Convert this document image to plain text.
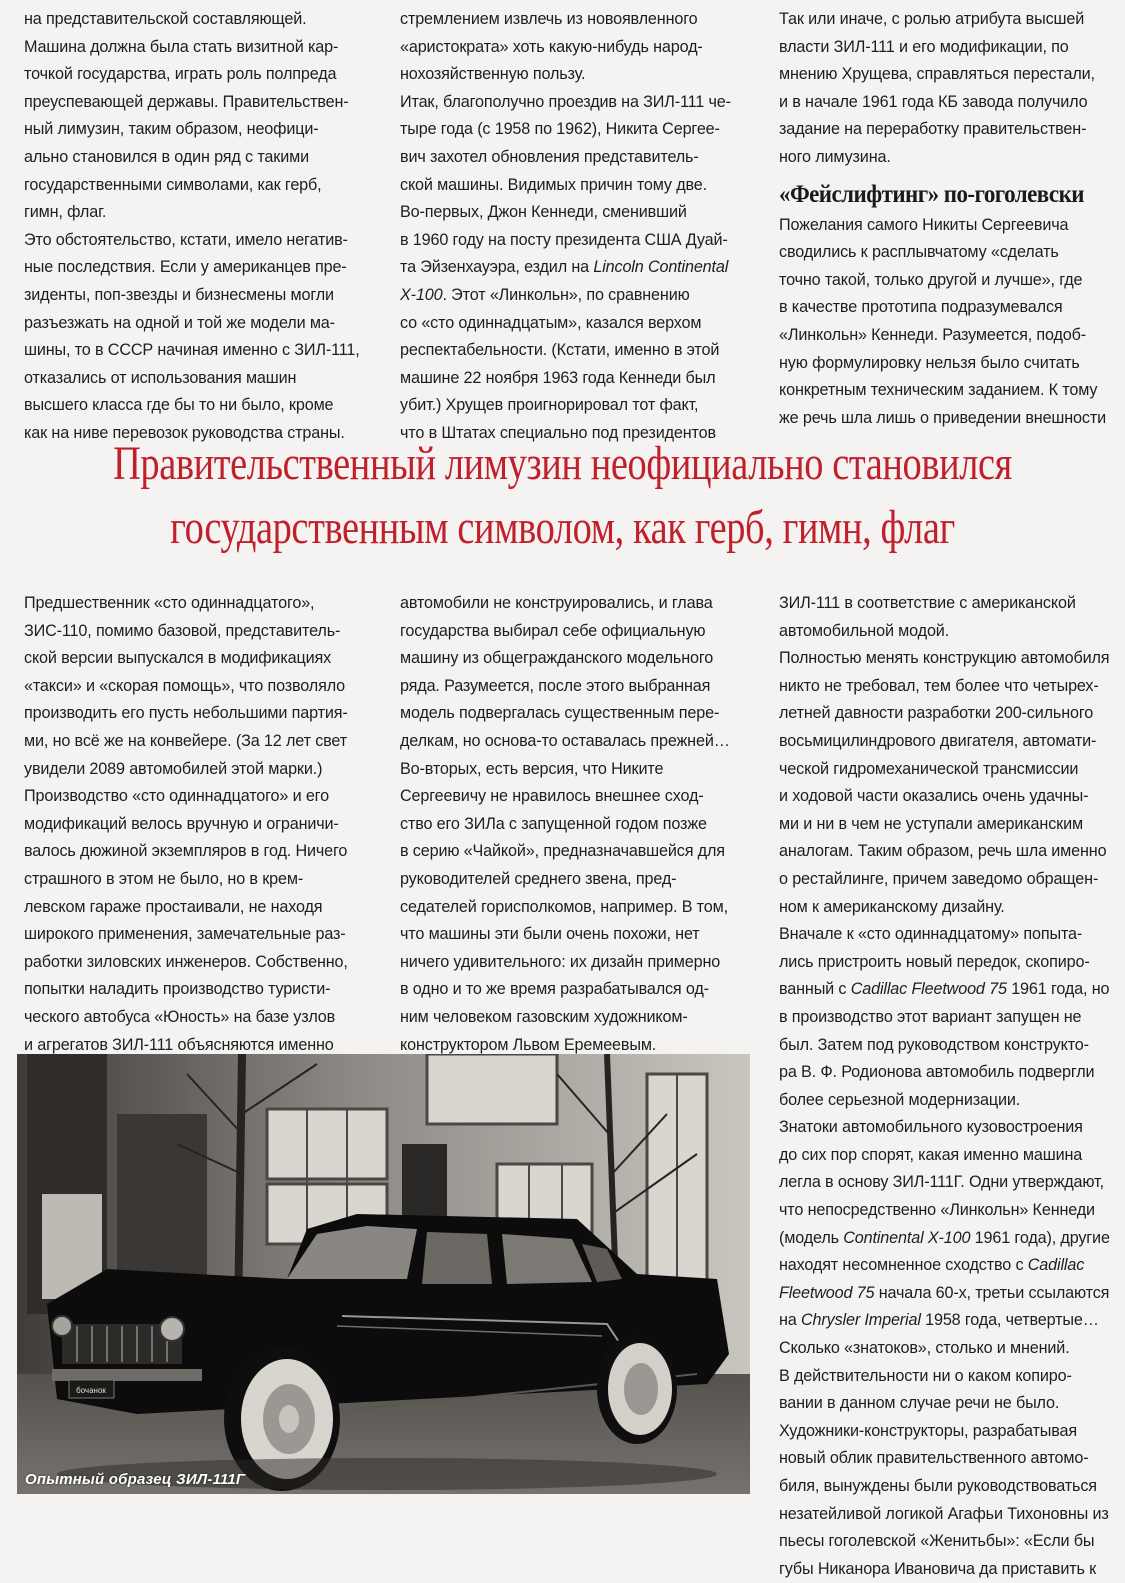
на представительской составляющей.
Машина должна была стать визитной кар-
точкой государства, играть роль полпреда
преуспевающей державы. Правительствен-
ный лимузин, таким образом, неофици-
ально становился в один ряд с такими
государственными символами, как герб,
гимн, флаг.
Это обстоятельство, кстати, имело негатив-
ные последствия. Если у американцев пре-
зиденты, поп-звезды и бизнесмены могли
разъезжать на одной и той же модели ма-
шины, то в СССР начиная именно с ЗИЛ-111,
отказались от использования машин
высшего класса где бы то ни было, кроме
как на ниве перевозок руководства страны.
стремлением извлечь из новоявленного
«аристократа» хоть какую-нибудь народ-
нохозяйственную пользу.
Итак, благополучно проездив на ЗИЛ-111 че-
тыре года (с 1958 по 1962), Никита Сергее-
вич захотел обновления представитель-
ской машины. Видимых причин тому две.
Во-первых, Джон Кеннеди, сменивший
в 1960 году на посту президента США Дуай-
та Эйзенхауэра, ездил на Lincoln Continental
X-100. Этот «Линкольн», по сравнению
со «сто одиннадцатым», казался верхом
респектабельности. (Кстати, именно в этой
машине 22 ноября 1963 года Кеннеди был
убит.) Хрущев проигнорировал тот факт,
что в Штатах специально под президентов
Так или иначе, с ролью атрибута высшей
власти ЗИЛ-111 и его модификации, по
мнению Хрущева, справляться перестали,
и в начале 1961 года КБ завода получило
задание на переработку правительствен-
ного лимузина.
«Фейслифтинг» по-гоголевски
Пожелания самого Никиты Сергеевича
сводились к расплывчатому «сделать
точно такой, только другой и лучше», где
в качестве прототипа подразумевался
«Линкольн» Кеннеди. Разумеется, подоб-
ную формулировку нельзя было считать
конкретным техническим заданием. К тому
же речь шла лишь о приведении внешности
Правительственный лимузин неофициально становился
государственным символом, как герб, гимн, флаг
Предшественник «сто одиннадцатого»,
ЗИС-110, помимо базовой, представитель-
ской версии выпускался в модификациях
«такси» и «скорая помощь», что позволяло
производить его пусть небольшими партия-
ми, но всё же на конвейере. (За 12 лет свет
увидели 2089 автомобилей этой марки.)
Производство «сто одиннадцатого» и его
модификаций велось вручную и ограничи-
валось дюжиной экземпляров в год. Ничего
страшного в этом не было, но в крем-
левском гараже простаивали, не находя
широкого применения, замечательные раз-
работки зиловских инженеров. Собственно,
попытки наладить производство туристи-
ческого автобуса «Юность» на базе узлов
и агрегатов ЗИЛ-111 объясняются именно
автомобили не конструировались, и глава
государства выбирал себе официальную
машину из общегражданского модельного
ряда. Разумеется, после этого выбранная
модель подвергалась существенным пере-
делкам, но основа-то оставалась прежней…
Во-вторых, есть версия, что Никите
Сергеевичу не нравилось внешнее сход-
ство его ЗИЛа с запущенной годом позже
в серию «Чайкой», предназначавшейся для
руководителей среднего звена, пред-
седателей горисполкомов, например. В том,
что машины эти были очень похожи, нет
ничего удивительного: их дизайн примерно
в одно и то же время разрабатывался од-
ним человеком газовским художником-
конструктором Львом Еремеевым.
ЗИЛ-111 в соответствие с американской
автомобильной модой.
Полностью менять конструкцию автомобиля
никто не требовал, тем более что четырех-
летней давности разработки 200-сильного
восьмицилиндрового двигателя, автомати-
ческой гидромеханической трансмиссии
и ходовой части оказались очень удачны-
ми и ни в чем не уступали американским
аналогам. Таким образом, речь шла именно
о рестайлинге, причем заведомо обращен-
ном к американскому дизайну.
Вначале к «сто одиннадцатому» попыта-
лись пристроить новый передок, скопиро-
ванный с Cadillac Fleetwood 75 1961 года, но
в производство этот вариант запущен не
был. Затем под руководством конструкто-
ра В. Ф. Родионова автомобиль подвергли
более серьезной модернизации.
Знатоки автомобильного кузовостроения
до сих пор спорят, какая именно машина
легла в основу ЗИЛ-111Г. Одни утверждают,
что непосредственно «Линкольн» Кеннеди
(модель Continental X-100 1961 года), другие
находят несомненное сходство с Cadillac
Fleetwood 75 начала 60-х, третьи ссылаются
на Chrysler Imperial 1958 года, четвертые…
Сколько «знатоков», столько и мнений.
В действительности ни о каком копиро-
вании в данном случае речи не было.
Художники-конструкторы, разрабатывая
новый облик правительственного автомо-
биля, вынуждены были руководствоваться
незатейливой логикой Агафьи Тихоновны из
пьесы гоголевской «Женитьбы»: «Если бы
губы Никанора Ивановича да приставить к
бочанок
Опытный образец ЗИЛ-111Г
